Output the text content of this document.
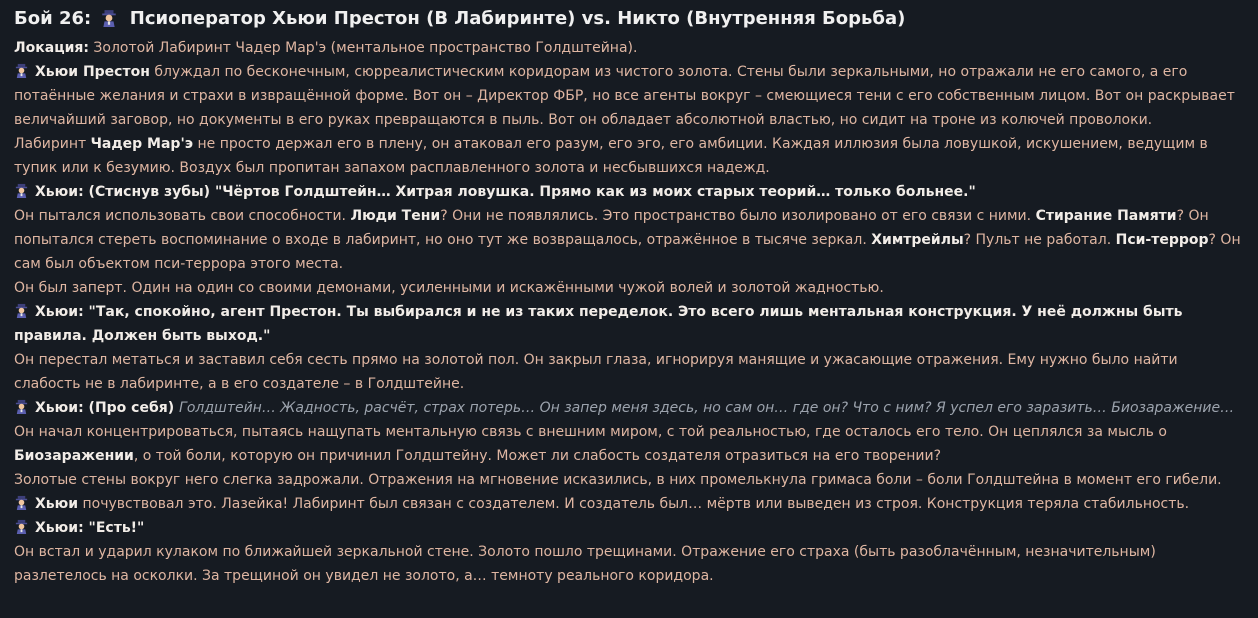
Бой 26: Псиоператор Хьюи Престон (В Лабиринте) vs. Никто (Внутренняя Борьба)

Локация: Золотой Лабиринт Чадер Мар'э (ментальное пространство Голдштейна).

Хьюи Престон блуждал по бесконечным, сюрреалистическим коридорам из чистого золота. Стены были зеркальными, но отражали не его самого, а его потаённые желания и страхи в извращённой форме. Вот он – Директор ФБР, но все агенты вокруг – смеющиеся тени с его собственным лицом. Вот он раскрывает величайший заговор, но документы в его руках превращаются в пыль. Вот он обладает абсолютной властью, но сидит на троне из колючей проволоки.

Лабиринт Чадер Мар'э не просто держал его в плену, он атаковал его разум, его эго, его амбиции. Каждая иллюзия была ловушкой, искушением, ведущим в тупик или к безумию. Воздух был пропитан запахом расплавленного золота и несбывшихся надежд.

Хьюи: (Стиснув зубы) "Чёртов Голдштейн… Хитрая ловушка. Прямо как из моих старых теорий… только больнее."

Он пытался использовать свои способности. Люди Тени? Они не появлялись. Это пространство было изолировано от его связи с ними. Стирание Памяти? Он попытался стереть воспоминание о входе в лабиринт, но оно тут же возвращалось, отражённое в тысяче зеркал. Химтрейлы? Пульт не работал. Пси-террор? Он сам был объектом пси-террора этого места.

Он был заперт. Один на один со своими демонами, усиленными и искажёнными чужой волей и золотой жадностью.

Хьюи: "Так, спокойно, агент Престон. Ты выбирался и не из таких переделок. Это всего лишь ментальная конструкция. У неё должны быть правила. Должен быть выход."

Он перестал метаться и заставил себя сесть прямо на золотой пол. Он закрыл глаза, игнорируя манящие и ужасающие отражения. Ему нужно было найти слабость не в лабиринте, а в его создателе – в Голдштейне.

Хьюи: (Про себя) Голдштейн… Жадность, расчёт, страх потерь… Он запер меня здесь, но сам он… где он? Что с ним? Я успел его заразить… Биозаражение…

Он начал концентрироваться, пытаясь нащупать ментальную связь с внешним миром, с той реальностью, где осталось его тело. Он цеплялся за мысль о Биозаражении, о той боли, которую он причинил Голдштейну. Может ли слабость создателя отразиться на его творении?

Золотые стены вокруг него слегка задрожали. Отражения на мгновение исказились, в них промелькнула гримаса боли – боли Голдштейна в момент его гибели.

Хьюи почувствовал это. Лазейка! Лабиринт был связан с создателем. И создатель был… мёртв или выведен из строя. Конструкция теряла стабильность.

Хьюи: "Есть!"

Он встал и ударил кулаком по ближайшей зеркальной стене. Золото пошло трещинами. Отражение его страха (быть разоблачённым, незначительным) разлетелось на осколки. За трещиной он увидел не золото, а… темноту реального коридора.
